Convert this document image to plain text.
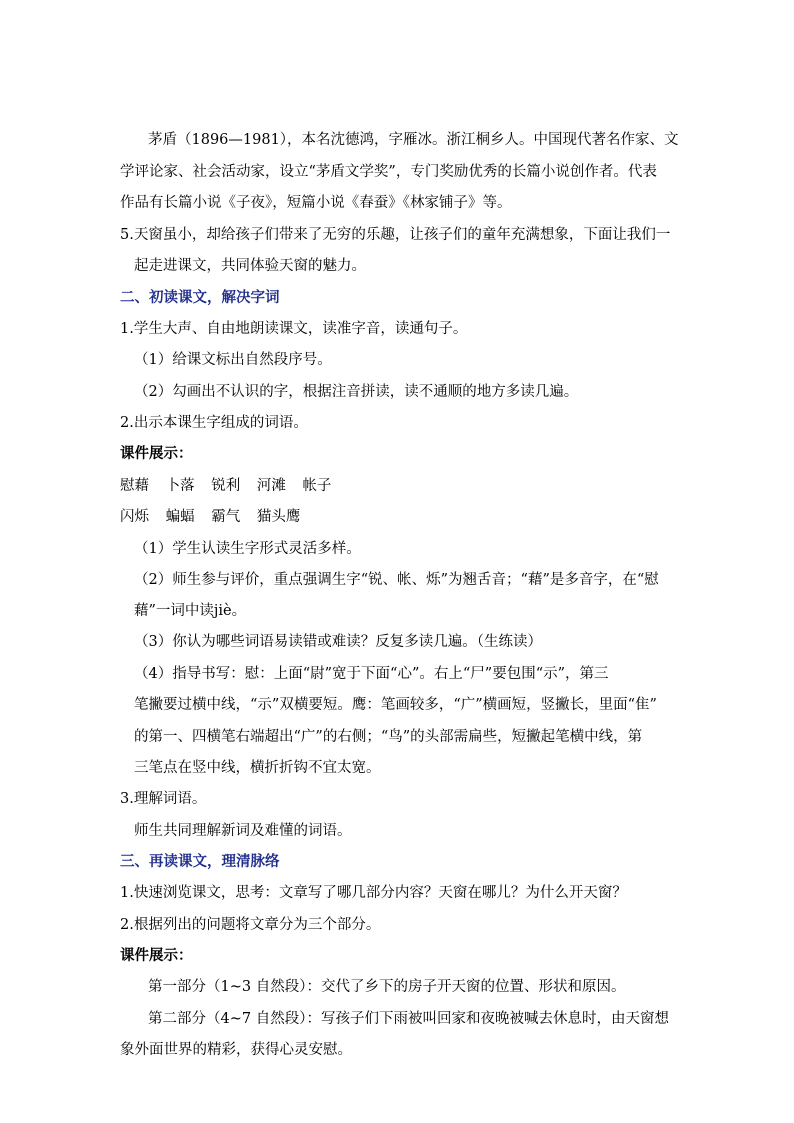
茅盾（1896—1981），本名沈德鸿，字雁冰。浙江桐乡人。中国现代著名作家、文
学评论家、社会活动家，设立“茅盾文学奖”，专门奖励优秀的长篇小说创作者。代表
作品有长篇小说《子夜》，短篇小说《春蚕》《林家铺子》等。
5.天窗虽小，却给孩子们带来了无穷的乐趣，让孩子们的童年充满想象，下面让我们一
起走进课文，共同体验天窗的魅力。
二、初读课文，解决字词
1.学生大声、自由地朗读课文，读准字音，读通句子。
（1）给课文标出自然段序号。
（2）勾画出不认识的字，根据注音拼读，读不通顺的地方多读几遍。
2.出示本课生字组成的词语。
课件展示：
慰藉 卜落 锐利 河滩 帐子
闪烁 蝙蝠 霸气 猫头鹰
（1）学生认读生字形式灵活多样。
（2）师生参与评价，重点强调生字“锐、帐、烁”为翘舌音；“藉”是多音字，在“慰
藉”一词中读jiè。
（3）你认为哪些词语易读错或难读？反复多读几遍。（生练读）
（4）指导书写：慰：上面“尉”宽于下面“心”。右上“尸”要包围“示”，第三
笔撇要过横中线，“示”双横要短。鹰：笔画较多，“广”横画短，竖撇长，里面“隹”
的第一、四横笔右端超出“广”的右侧；“鸟”的头部需扁些，短撇起笔横中线，第
三笔点在竖中线，横折折钩不宜太宽。
3.理解词语。
师生共同理解新词及难懂的词语。
三、再读课文，理清脉络
1.快速浏览课文，思考：文章写了哪几部分内容？天窗在哪儿？为什么开天窗？
2.根据列出的问题将文章分为三个部分。
课件展示：
第一部分（1~3 自然段）：交代了乡下的房子开天窗的位置、形状和原因。
第二部分（4~7 自然段）：写孩子们下雨被叫回家和夜晚被喊去休息时，由天窗想
象外面世界的精彩，获得心灵安慰。
